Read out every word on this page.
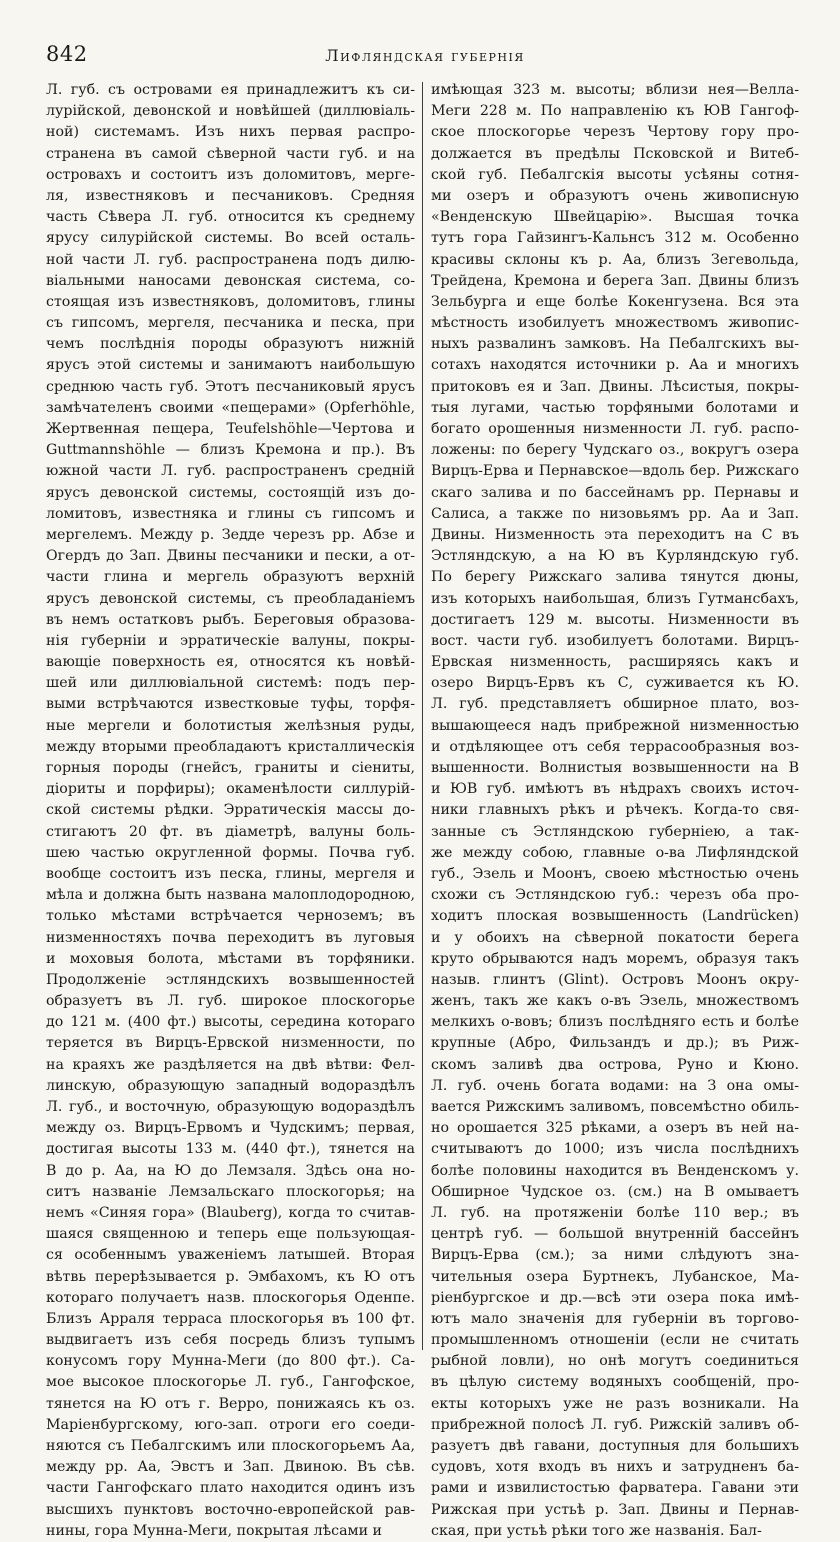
842	Лифляндская губернія
Л. губ. съ островами ея принадлежитъ къ си-
лурійской, девонской и новѣйшей (диллювіаль-
ной) системамъ. Изъ нихъ первая распро-
странена въ самой сѣверной части губ. и на
островахъ и состоитъ изъ доломитовъ, мерге-
ля, известняковъ и песчаниковъ. Средняя
часть Сѣвера Л. губ. относится къ среднему
ярусу силурійской системы. Во всей осталь-
ной части Л. губ. распространена подъ дилю-
віальными наносами девонская система, со-
стоящая изъ известняковъ, доломитовъ, глины
съ гипсомъ, мергеля, песчаника и песка, при
чемъ послѣднія породы образуютъ нижній
ярусъ этой системы и занимаютъ наибольшую
среднюю часть губ. Этотъ песчаниковый ярусъ
замѣчателенъ своими «пещерами» (Opferhöhle,
Жертвенная пещера, Teufelshöhle—Чертова и
Guttmannshöhle — близъ Кремона и пр.). Въ
южной части Л. губ. распространенъ средній
ярусъ девонской системы, состоящій изъ до-
ломитовъ, известняка и глины съ гипсомъ и
мергелемъ. Между р. Зедде черезъ рр. Абзе и
Огердъ до Зап. Двины песчаники и пески, а от-
части глина и мергель образуютъ верхній
ярусъ девонской системы, съ преобладаніемъ
въ немъ остатковъ рыбъ. Береговыя образова-
нія губерніи и эрратическіе валуны, покры-
вающіе поверхность ея, относятся къ новѣй-
шей или диллювіальной системѣ: подъ пер-
выми встрѣчаются известковые туфы, торфя-
ные мергели и болотистыя желѣзныя руды,
между вторыми преобладаютъ кристаллическія
горныя породы (гнейсъ, граниты и сіениты,
діориты и порфиры); окаменѣлости силлурій-
ской системы рѣдки. Эрратическія массы до-
стигаютъ 20 фт. въ діаметрѣ, валуны боль-
шею частью округленной формы. Почва губ.
вообще состоитъ изъ песка, глины, мергеля и
мѣла и должна быть названа малоплодородною,
только мѣстами встрѣчается черноземъ; въ
низменностяхъ почва переходитъ въ луговыя
и моховыя болота, мѣстами въ торфяники.
Продолженіе эстляндскихъ возвышенностей
образуетъ въ Л. губ. широкое плоскогорье
до 121 м. (400 фт.) высоты, середина котораго
теряется въ Вирцъ-Ервской низменности, по
на краяхъ же раздѣляется на двѣ вѣтви: Фел-
линскую, образующую западный водораздѣлъ
Л. губ., и восточную, образующую водораздѣлъ
между оз. Вирцъ-Ервомъ и Чудскимъ; первая,
достигая высоты 133 м. (440 фт.), тянется на
В до р. Аа, на Ю до Лемзаля. Здѣсь она но-
ситъ названіе Лемзальскаго плоскогорья; на
немъ «Синяя гора» (Blauberg), когда то считав-
шаяся священною и теперь еще пользующая-
ся особеннымъ уваженіемъ латышей. Вторая
вѣтвь перерѣзывается р. Эмбахомъ, къ Ю отъ
котораго получаетъ назв. плоскогорья Оденпе.
Близъ Арраля терраса плоскогорья въ 100 фт.
выдвигаетъ изъ себя посредь близъ тупымъ
конусомъ гору Мунна-Меги (до 800 фт.). Са-
мое высокое плоскогорье Л. губ., Гангофское,
тянется на Ю отъ г. Верро, понижаясь къ оз.
Маріенбургскому, юго-зап. отроги его соеди-
няются съ Пебалгскимъ или плоскогорьемъ Аа,
между рр. Аа, Эвстъ и Зап. Двиною. Въ сѣв.
части Гангофскаго плато находится одинъ изъ
высшихъ пунктовъ восточно-европейской рав-
нины, гора Мунна-Меги, покрытая лѣсами и
имѣющая 323 м. высоты; вблизи нея—Велла-
Меги 228 м. По направленію къ ЮВ Гангоф-
ское плоскогорье черезъ Чертову гору про-
должается въ предѣлы Псковской и Витеб-
ской губ. Пебалгскія высоты усѣяны сотня-
ми озеръ и образуютъ очень живописную
«Венденскую Швейцарію». Высшая точка
тутъ гора Гайзингъ-Кальнсъ 312 м. Особенно
красивы склоны къ р. Аа, близъ Зегевольда,
Трейдена, Кремона и берега Зап. Двины близъ
Зельбурга и еще болѣе Кокенгузена. Вся эта
мѣстность изобилуетъ множествомъ живопис-
ныхъ развалинъ замковъ. На Пебалгскихъ вы-
сотахъ находятся источники р. Аа и многихъ
притоковъ ея и Зап. Двины. Лѣсистыя, покры-
тыя лугами, частью торфяными болотами и
богато орошенныя низменности Л. губ. распо-
ложены: по берегу Чудскаго оз., вокругъ озера
Вирцъ-Ерва и Пернавское—вдоль бер. Рижскаго
скаго залива и по бассейнамъ рр. Пернавы и
Салиса, а также по низовьямъ рр. Аа и Зап.
Двины. Низменность эта переходитъ на С въ
Эстляндскую, а на Ю въ Курляндскую губ.
По берегу Рижскаго залива тянутся дюны,
изъ которыхъ наибольшая, близъ Гутмансбахъ,
достигаетъ 129 м. высоты. Низменности въ
вост. части губ. изобилуетъ болотами. Вирцъ-
Ервская низменность, расширяясь какъ и
озеро Вирцъ-Ервъ къ С, суживается къ Ю.
Л. губ. представляетъ обширное плато, воз-
вышающееся надъ прибрежной низменностью
и отдѣляющее отъ себя террасообразныя воз-
вышенности. Волнистыя возвышенности на В
и ЮВ губ. имѣютъ въ нѣдрахъ своихъ источ-
ники главныхъ рѣкъ и рѣчекъ. Когда-то свя-
занные съ Эстляндскою губерніею, а так-
же между собою, главные о-ва Лифляндской
губ., Эзель и Моонъ, своею мѣстностью очень
схожи съ Эстляндскою губ.: черезъ оба про-
ходитъ плоская возвышенность (Landrücken)
и у обоихъ на сѣверной покатости берега
круто обрываются надъ моремъ, образуя такъ
назыв. глинтъ (Glint). Островъ Моонъ окру-
женъ, такъ же какъ о-въ Эзель, множествомъ
мелкихъ о-вовъ; близъ послѣдняго есть и болѣе
крупные (Абро, Фильзандъ и др.); въ Риж-
скомъ заливѣ два острова, Руно и Кюно.
Л. губ. очень богата водами: на З она омы-
вается Рижскимъ заливомъ, повсемѣстно обиль-
но орошается 325 рѣками, а озеръ въ ней на-
считываютъ до 1000; изъ числа послѣднихъ
болѣе половины находится въ Венденскомъ у.
Обширное Чудское оз. (см.) на В омываетъ
Л. губ. на протяженіи болѣе 110 вер.; въ
центрѣ губ. — большой внутренній бассейнъ
Вирцъ-Ерва (см.); за ними слѣдуютъ зна-
чительныя озера Буртнекъ, Лубанское, Ма-
ріенбургское и др.—всѣ эти озера пока имѣ-
ютъ мало значенія для губерніи въ торгово-
промышленномъ отношеніи (если не считать
рыбной ловли), но онѣ могутъ соединиться
въ цѣлую систему водяныхъ сообщеній, про-
екты которыхъ уже не разъ возникали. На
прибрежной полосѣ Л. губ. Рижскій заливъ об-
разуетъ двѣ гавани, доступныя для большихъ
судовъ, хотя входъ въ нихъ и затрудненъ ба-
рами и извилистостью фарватера. Гавани эти
Рижская при устьѣ р. Зап. Двины и Пернав-
ская, при устьѣ рѣки того же названія. Бал-
